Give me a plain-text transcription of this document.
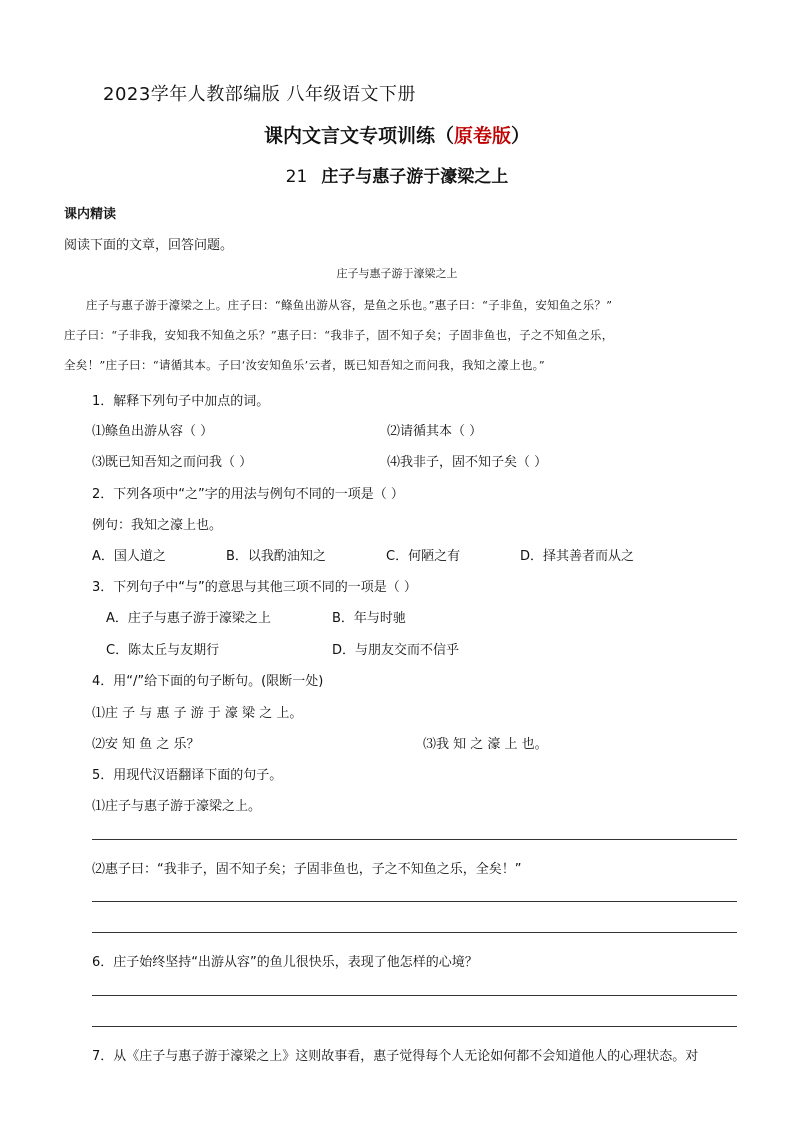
2023学年人教部编版 八年级语文下册
课内文言文专项训练（原卷版）
21 庄子与惠子游于濠梁之上
课内精读
阅读下面的文章，回答问题。
庄子与惠子游于濠梁之上
庄子与惠子游于濠梁之上。庄子曰：“鲦鱼出游从容，是鱼之乐也。”惠子曰：“子非鱼，安知鱼之乐？”
庄子曰：“子非我，安知我不知鱼之乐？”惠子曰：“我非子，固不知子矣；子固非鱼也，子之不知鱼之乐，
全矣！”庄子曰：“请循其本。子曰‘汝安知鱼乐’云者，既已知吾知之而问我，我知之濠上也。”
1．解释下列句子中加点的词。
⑴鲦鱼出游从容（ ）	⑵请循其本（ ）
⑶既已知吾知之而问我（ ）	⑷我非子，固不知子矣（ ）
2．下列各项中“之”字的用法与例句不同的一项是（ ）
例句：我知之濠上也。
A．国人道之	B．以我酌油知之	C．何陋之有	D．择其善者而从之
3．下列句子中“与”的意思与其他三项不同的一项是（ ）
A．庄子与惠子游于濠梁之上	B．年与时驰
C．陈太丘与友期行	D．与朋友交而不信乎
4．用“/”给下面的句子断句。(限断一处)
⑴庄 子 与 惠 子 游 于 濠 梁 之 上。
⑵安 知 鱼 之 乐？	⑶我 知 之 濠 上 也。
5．用现代汉语翻译下面的句子。
⑴庄子与惠子游于濠梁之上。
⑵惠子曰：“我非子，固不知子矣；子固非鱼也，子之不知鱼之乐，全矣！”
6．庄子始终坚持“出游从容”的鱼儿很快乐，表现了他怎样的心境？
7．从《庄子与惠子游于濠梁之上》这则故事看，惠子觉得每个人无论如何都不会知道他人的心理状态。对
